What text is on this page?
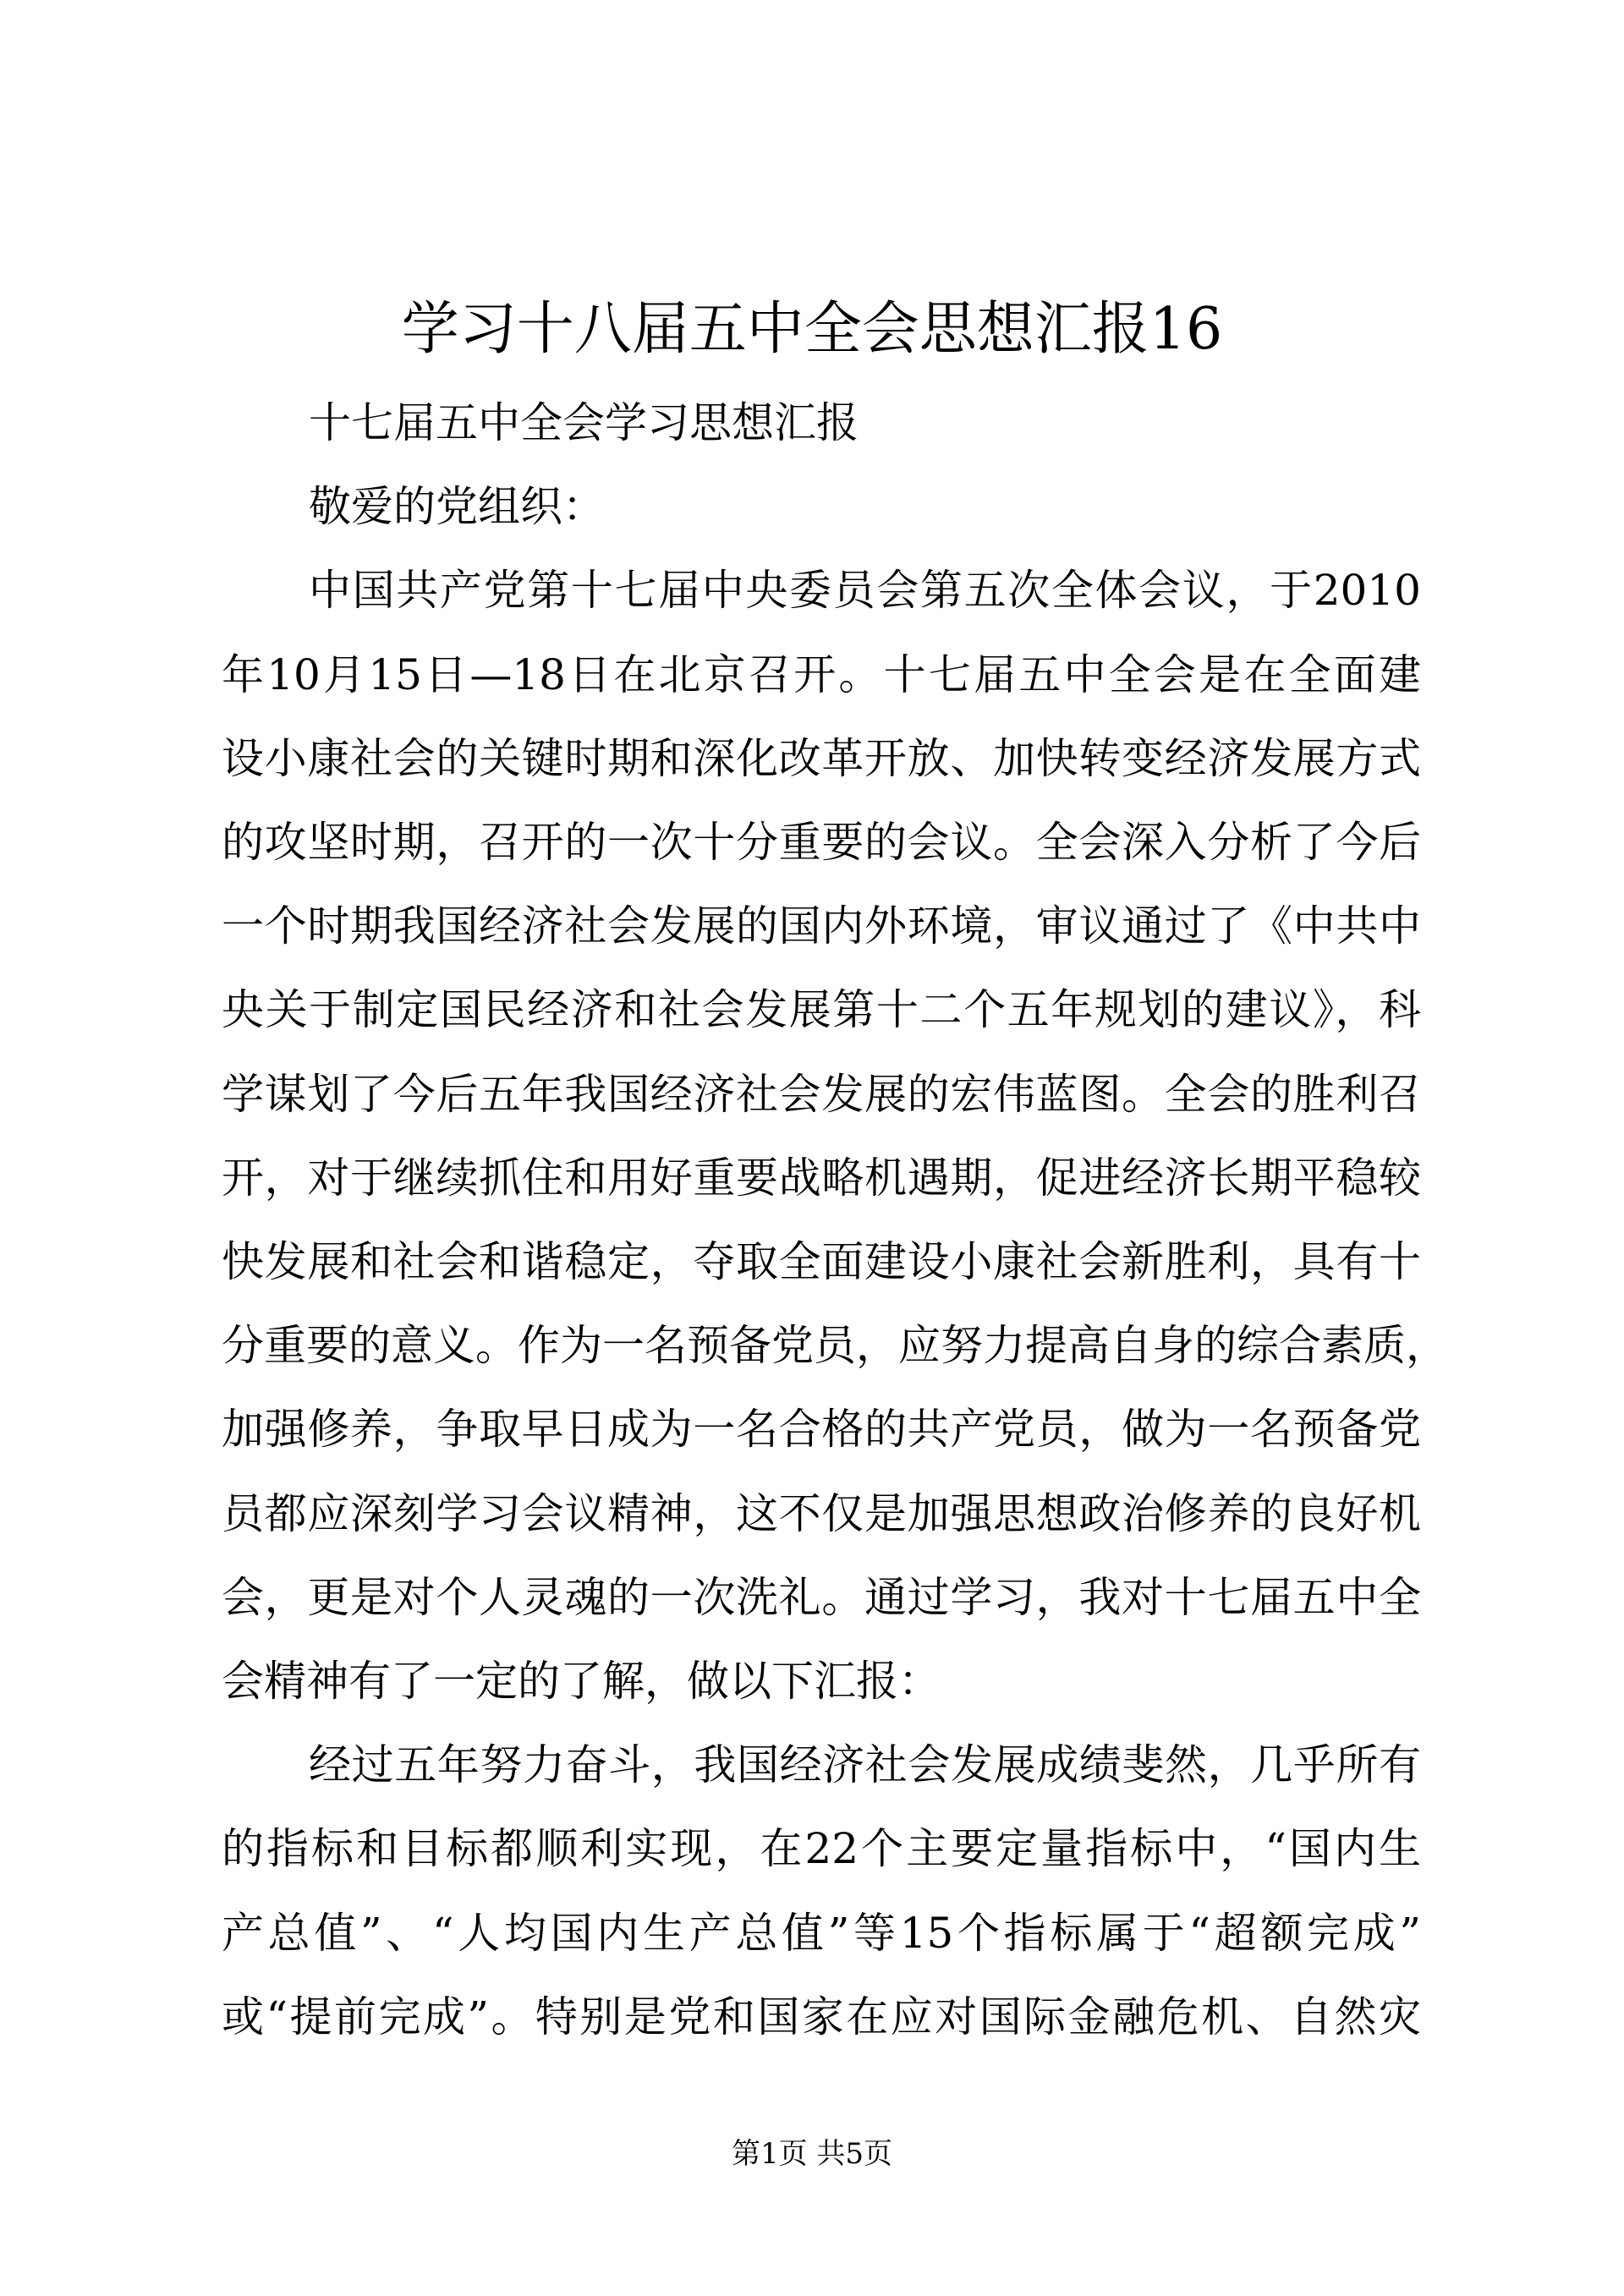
学习十八届五中全会思想汇报16
十七届五中全会学习思想汇报
敬爱的党组织：
中国共产党第十七届中央委员会第五次全体会议，于2010
年10月15日—18日在北京召开。十七届五中全会是在全面建
设小康社会的关键时期和深化改革开放、加快转变经济发展方式
的攻坚时期，召开的一次十分重要的会议。全会深入分析了今后
一个时期我国经济社会发展的国内外环境，审议通过了《中共中
央关于制定国民经济和社会发展第十二个五年规划的建议》，科
学谋划了今后五年我国经济社会发展的宏伟蓝图。全会的胜利召
开，对于继续抓住和用好重要战略机遇期，促进经济长期平稳较
快发展和社会和谐稳定，夺取全面建设小康社会新胜利，具有十
分重要的意义。作为一名预备党员，应努力提高自身的综合素质，
加强修养，争取早日成为一名合格的共产党员，做为一名预备党
员都应深刻学习会议精神，这不仅是加强思想政治修养的良好机
会，更是对个人灵魂的一次洗礼。通过学习，我对十七届五中全
会精神有了一定的了解，做以下汇报：
经过五年努力奋斗，我国经济社会发展成绩斐然，几乎所有
的指标和目标都顺利实现，在22个主要定量指标中，“国内生
产总值”、“人均国内生产总值”等15个指标属于“超额完成”
或“提前完成”。特别是党和国家在应对国际金融危机、自然灾
第1页 共5页
